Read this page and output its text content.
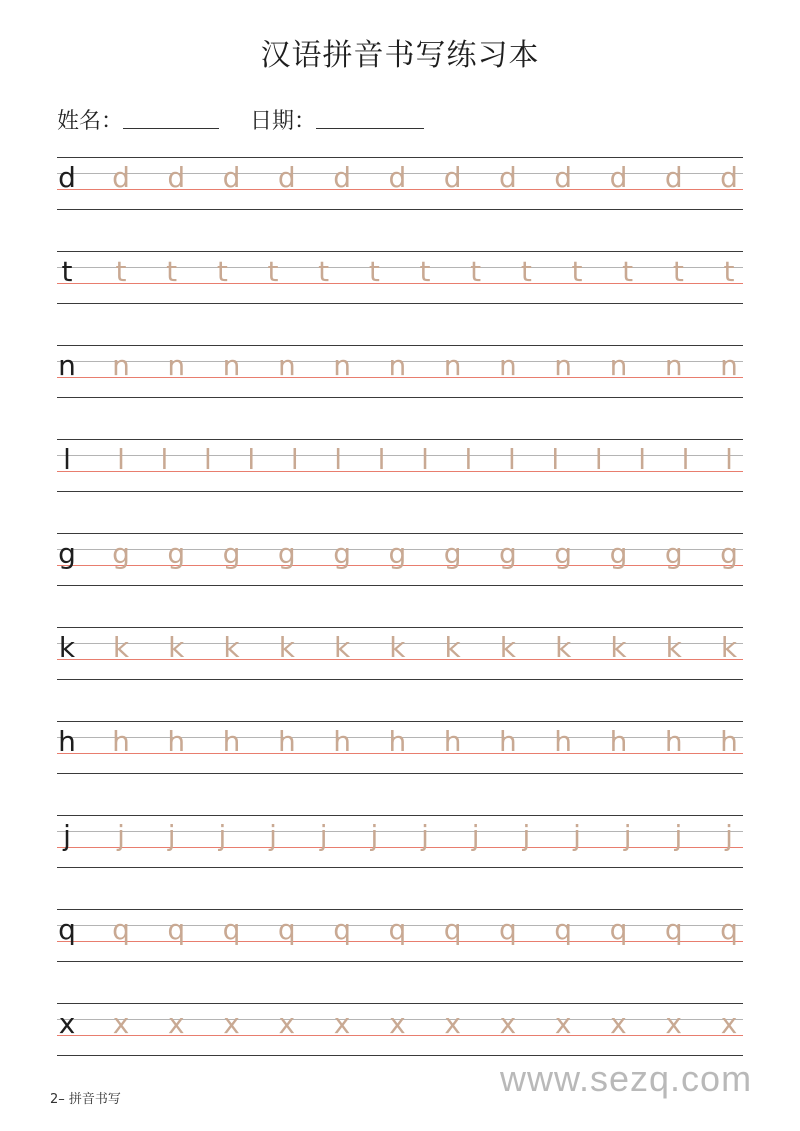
汉语拼音书写练习本
姓名：	日期：
d d d d d d d d d d d d d
t	t	t	t	t	t	t	t	t	t	t	t	t	t
n n n n n n n n n n n n n
l	l	l	l	l	l	l	l	l	l	l	l	l	l	l	l
g g g g g g g g g g g g g
k k k k k k k k k k k k k
h h h h h h h h h h h h h
j	j	j	j	j	j	j	j	j	j	j	j	j	j
q q q q q q q q q q q q q
x x x x x x x x x x x x x
2– 拼音书写
www.sezq.com
